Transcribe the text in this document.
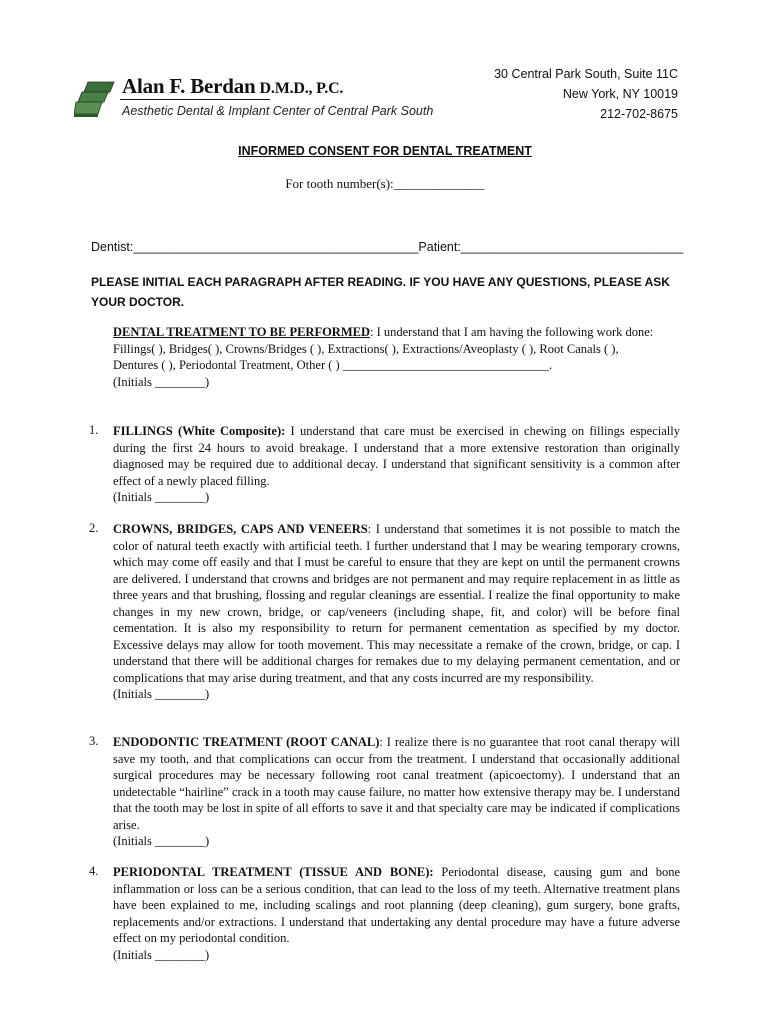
Alan F. Berdan D.M.D., P.C.
Aesthetic Dental & Implant Center of Central Park South
30 Central Park South, Suite 11C
New York, NY 10019
212-702-8675
INFORMED CONSENT FOR DENTAL TREATMENT
For tooth number(s):______________
Dentist:_________________________________________Patient:________________________________
PLEASE INITIAL EACH PARAGRAPH AFTER READING. IF YOU HAVE ANY QUESTIONS, PLEASE ASK YOUR DOCTOR.
DENTAL TREATMENT TO BE PERFORMED: I understand that I am having the following work done:
Fillings( ), Bridges( ), Crowns/Bridges ( ), Extractions( ), Extractions/Aveoplasty ( ), Root Canals ( ),
Dentures ( ), Periodontal Treatment, Other ( ) _________________________________.
(Initials ________)
1. FILLINGS (White Composite): I understand that care must be exercised in chewing on fillings especially during the first 24 hours to avoid breakage. I understand that a more extensive restoration than originally diagnosed may be required due to additional decay. I understand that significant sensitivity is a common after effect of a newly placed filling.
(Initials ________)
2. CROWNS, BRIDGES, CAPS AND VENEERS: I understand that sometimes it is not possible to match the color of natural teeth exactly with artificial teeth. I further understand that I may be wearing temporary crowns, which may come off easily and that I must be careful to ensure that they are kept on until the permanent crowns are delivered. I understand that crowns and bridges are not permanent and may require replacement in as little as three years and that brushing, flossing and regular cleanings are essential. I realize the final opportunity to make changes in my new crown, bridge, or cap/veneers (including shape, fit, and color) will be before final cementation. It is also my responsibility to return for permanent cementation as specified by my doctor. Excessive delays may allow for tooth movement. This may necessitate a remake of the crown, bridge, or cap. I understand that there will be additional charges for remakes due to my delaying permanent cementation, and or complications that may arise during treatment, and that any costs incurred are my responsibility.
(Initials ________)
3. ENDODONTIC TREATMENT (ROOT CANAL): I realize there is no guarantee that root canal therapy will save my tooth, and that complications can occur from the treatment. I understand that occasionally additional surgical procedures may be necessary following root canal treatment (apicoectomy). I understand that an undetectable “hairline” crack in a tooth may cause failure, no matter how extensive therapy may be. I understand that the tooth may be lost in spite of all efforts to save it and that specialty care may be indicated if complications arise.
(Initials ________)
4. PERIODONTAL TREATMENT (TISSUE AND BONE): Periodontal disease, causing gum and bone inflammation or loss can be a serious condition, that can lead to the loss of my teeth. Alternative treatment plans have been explained to me, including scalings and root planning (deep cleaning), gum surgery, bone grafts, replacements and/or extractions. I understand that undertaking any dental procedure may have a future adverse effect on my periodontal condition.
(Initials ________)
